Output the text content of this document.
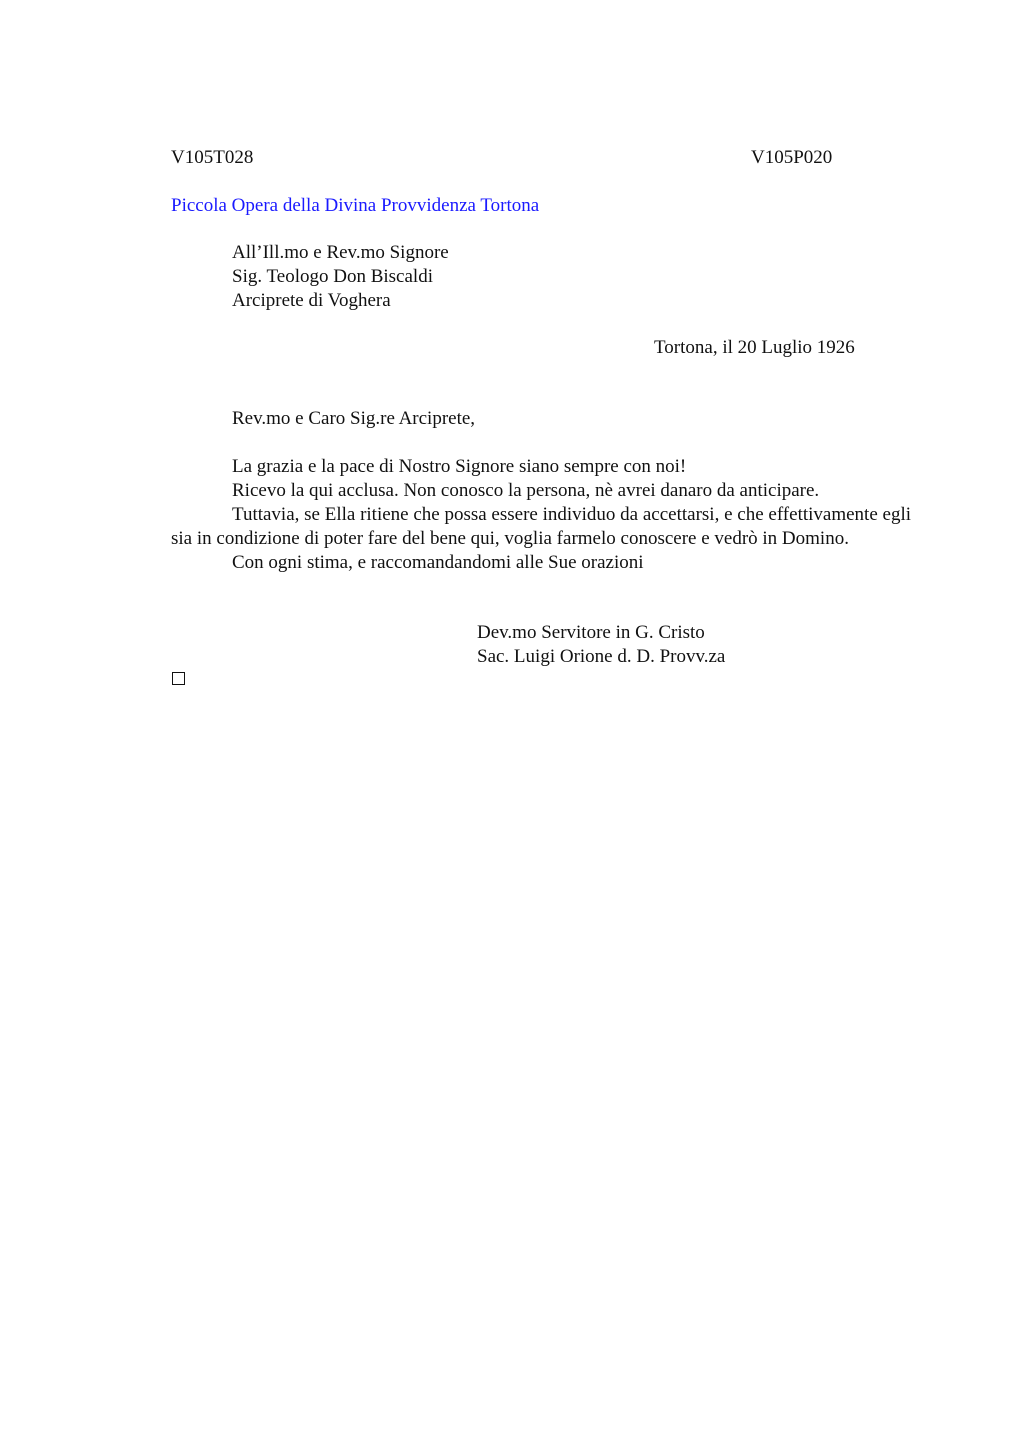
V105T028	V105P020
Piccola Opera della Divina Provvidenza Tortona
All’Ill.mo e Rev.mo Signore
Sig. Teologo Don Biscaldi
Arciprete di Voghera
Tortona, il 20 Luglio 1926
Rev.mo e Caro Sig.re Arciprete,

La grazia e la pace di Nostro Signore siano sempre con noi!

Ricevo la qui acclusa. Non conosco la persona, nè avrei danaro da anticipare.

Tuttavia, se Ella ritiene che possa essere individuo da accettarsi, e che effettivamente egli sia in condizione di poter fare del bene qui, voglia farmelo conoscere e vedrò in Domino.

Con ogni stima, e raccomandandomi alle Sue orazioni

Dev.mo Servitore in G. Cristo
Sac. Luigi Orione d. D. Provv.za
